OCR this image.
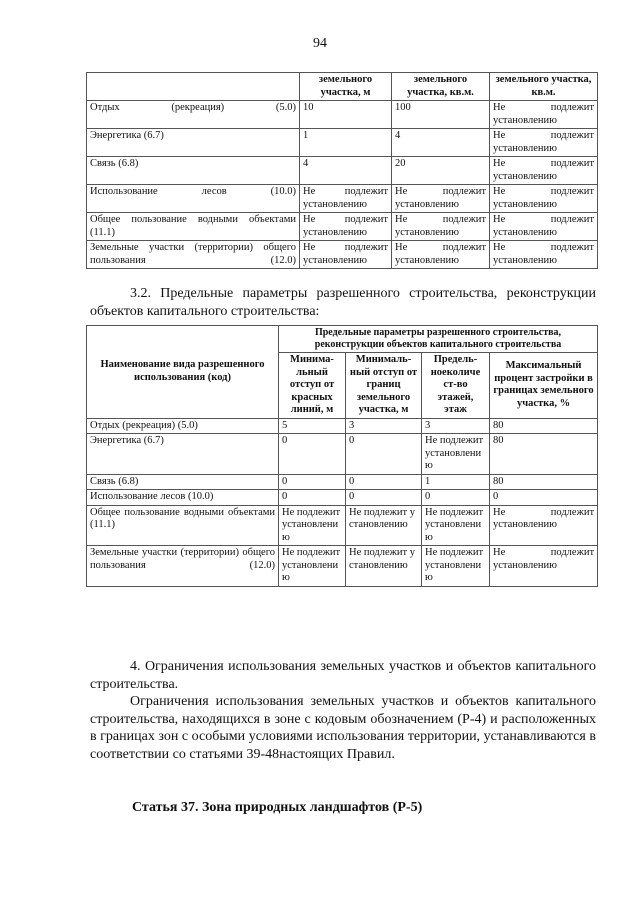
94
	земельного участка, м	земельного участка, кв.м.	земельного участка, кв.м.
Отдых (рекреация) (5.0)	10	100	Не подлежит установлению
Энергетика (6.7)	1	4	Не подлежит установлению
Связь (6.8)	4	20	Не подлежит установлению
Использование лесов (10.0)	Не подлежит установлению	Не подлежит установлению	Не подлежит установлению
Общее пользование водными объектами (11.1)	Не подлежит установлению	Не подлежит установлению	Не подлежит установлению
Земельные участки (территории) общего пользования (12.0)	Не подлежит установлению	Не подлежит установлению	Не подлежит установлению
3.2. Предельные параметры разрешенного строительства, реконструкции объектов капитального строительства:
Наименование вида разрешенного использования (код)	Предельные параметры разрешенного строительства, реконструкции объектов капитального строительства			
	Минима-льный отступ от красных линий, м	Минималь-ный отступ от границ земельного участка, м	Предель-ноеколиче ст-во этажей, этаж	Максимальный процент застройки в границах земельного участка, %
Отдых (рекреация) (5.0)	5	3	3	80
Энергетика (6.7)	0	0	Не подлежит установлению	80
Связь (6.8)	0	0	1	80
Использование лесов (10.0)	0	0	0	0
Общее пользование водными объектами (11.1)	Не подлежит установлению	Не подлежит установлению	Не подлежит установлению	Не подлежит установлению
Земельные участки (территории) общего пользования (12.0)	Не подлежит установлению	Не подлежит установлению	Не подлежит установлению	Не подлежит установлению
4. Ограничения использования земельных участков и объектов капитального строительства.
Ограничения использования земельных участков и объектов капитального строительства, находящихся в зоне с кодовым обозначением (Р-4) и расположенных в границах зон с особыми условиями использования территории, устанавливаются в соответствии со статьями 39-48настоящих Правил.
Статья 37. Зона природных ландшафтов (Р-5)
